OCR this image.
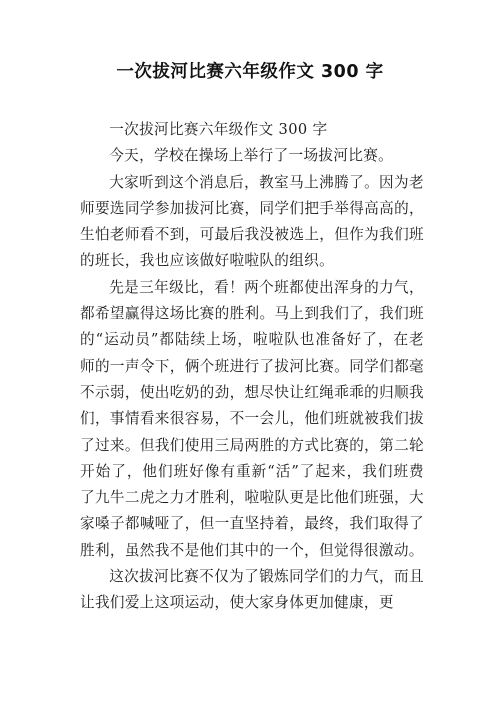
一次拔河比赛六年级作文 300 字

一次拔河比赛六年级作文 300 字

今天，学校在操场上举行了一场拔河比赛。

大家听到这个消息后，教室马上沸腾了。因为老师要选同学参加拔河比赛，同学们把手举得高高的，生怕老师看不到，可最后我没被选上，但作为我们班的班长，我也应该做好啦啦队的组织。

先是三年级比，看！两个班都使出浑身的力气，都希望赢得这场比赛的胜利。马上到我们了，我们班的“运动员”都陆续上场，啦啦队也准备好了，在老师的一声令下，俩个班进行了拔河比赛。同学们都毫不示弱，使出吃奶的劲，想尽快让红绳乖乖的归顺我们，事情看来很容易，不一会儿，他们班就被我们拔了过来。但我们使用三局两胜的方式比赛的，第二轮开始了，他们班好像有重新“活”了起来，我们班费了九牛二虎之力才胜利，啦啦队更是比他们班强，大家嗓子都喊哑了，但一直坚持着，最终，我们取得了胜利，虽然我不是他们其中的一个，但觉得很激动。

这次拔河比赛不仅为了锻炼同学们的力气，而且让我们爱上这项运动，使大家身体更加健康，更
